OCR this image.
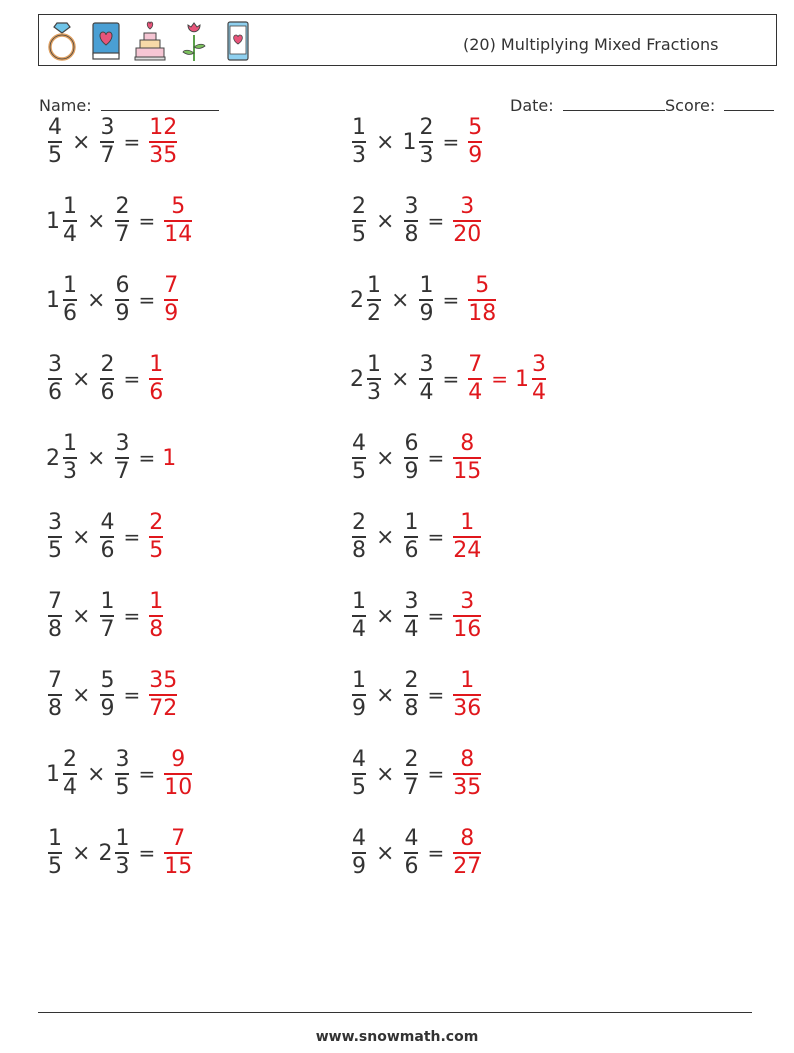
(20) Multiplying Mixed Fractions
Name:	Date:	Score:
$\frac{4}{5} \times \frac{3}{7} = \frac{12}{35}$	$\frac{1}{3} \times 1 \frac{2}{3} = \frac{5}{9}$
$1 \frac{1}{4} \times \frac{2}{7} = \frac{5}{14}$	$\frac{2}{5} \times \frac{3}{8} = \frac{3}{20}$
$1 \frac{1}{6} \times \frac{6}{9} = \frac{7}{9}$	$2 \frac{1}{2} \times \frac{1}{9} = \frac{5}{18}$
$\frac{3}{6} \times \frac{2}{6} = \frac{1}{6}$	$2 \frac{1}{3} \times \frac{3}{4} = \frac{7}{4} = 1 \frac{3}{4}$
$2 \frac{1}{3} \times \frac{3}{7} = 1$	$\frac{4}{5} \times \frac{6}{9} = \frac{8}{15}$
$\frac{3}{5} \times \frac{4}{6} = \frac{2}{5}$	$\frac{2}{8} \times \frac{1}{6} = \frac{1}{24}$
$\frac{7}{8} \times \frac{1}{7} = \frac{1}{8}$	$\frac{1}{4} \times \frac{3}{4} = \frac{3}{16}$
$\frac{7}{8} \times \frac{5}{9} = \frac{35}{72}$	$\frac{1}{9} \times \frac{2}{8} = \frac{1}{36}$
$1 \frac{2}{4} \times \frac{3}{5} = \frac{9}{10}$	$\frac{4}{5} \times \frac{2}{7} = \frac{8}{35}$
$\frac{1}{5} \times 2 \frac{1}{3} = \frac{7}{15}$	$\frac{4}{9} \times \frac{4}{6} = \frac{8}{27}$
www.snowmath.com
